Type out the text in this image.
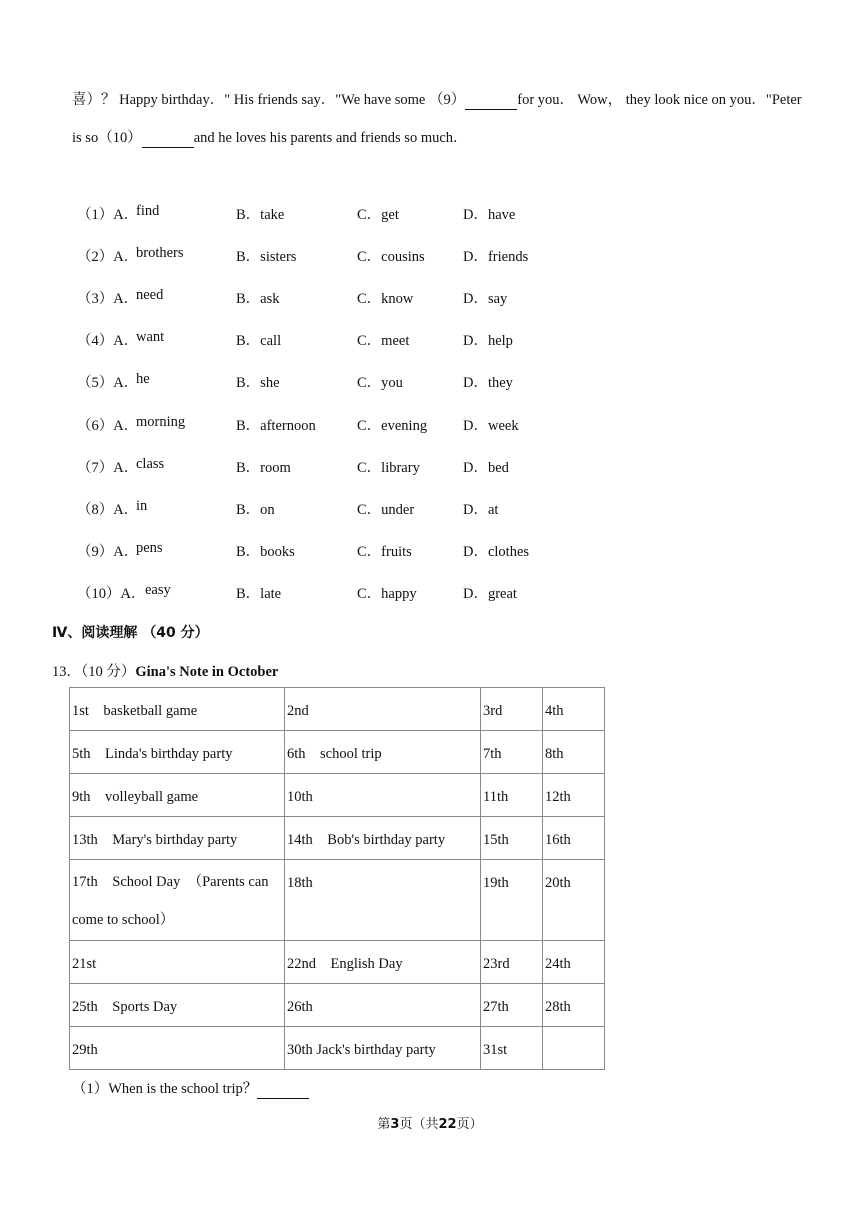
喜）？ Happy birthday．" His friends say．"We have some （9）	for you． Wow， they look nice on you．"Peter
is so（10）	and he loves his parents and friends so much．
（1）A．
find	B．take	C．get	D．have
（2）A．
brothers	B．sisters	C．cousins	D．friends
（3）A．
need	B．ask	C．know	D．say
（4）A．
want	B．call	C．meet	D．help
（5）A．
he	B．she	C．you	D．they
（6）A．
morning	B．afternoon	C．evening D．week
（7）A．
class	B．room	C．library	D．bed
（8）A．
in	B．on	C．under	D．at
（9）A．
pens	B．books	C．fruits	D．clothes
（10）A． easy	B．late	C．happy	D．great
Ⅳ、阅读理解 （40 分）
13．（10 分）Gina's Note in October
1st    basketball game	2nd	3rd	4th
5th    Linda's birthday party	6th    school trip	7th	8th
9th    volleyball game	10th	11th	12th
13th    Mary's birthday party	14th    Bob's birthday party	15th	16th
17th    School Day  （Parents can come to school）	18th	19th	20th
21st	22nd    English Day	23rd	24th
25th    Sports Day	26th	27th	28th
29th	30th Jack's birthday party	31st	
（1）When is the school trip？
第3页（共22页）
